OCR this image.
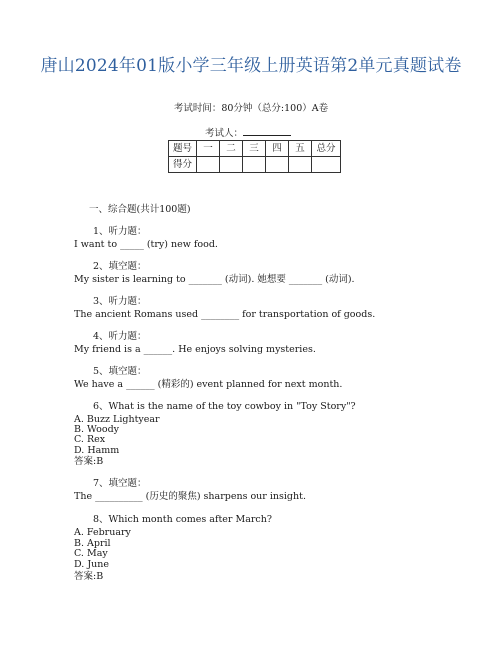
唐山2024年01版小学三年级上册英语第2单元真题试卷
考试时间：80分钟（总分:100）A卷
考试人：
题号	一	二	三	四	五	总分
得分						
一、综合题(共计100题)
1、听力题：
I want to _____ (try) new food.
2、填空题：
My sister is learning to _______ (动词). 她想要 _______ (动词).
3、听力题：
The ancient Romans used ________ for transportation of goods.
4、听力题：
My friend is a ______. He enjoys solving mysteries.
5、填空题：
We have a ______ (精彩的) event planned for next month.
6、What is the name of the toy cowboy in "Toy Story"?
A. Buzz Lightyear
B. Woody
C. Rex
D. Hamm
答案:B
7、填空题：
The __________ (历史的聚焦) sharpens our insight.
8、Which month comes after March?
A. February
B. April
C. May
D. June
答案:B
